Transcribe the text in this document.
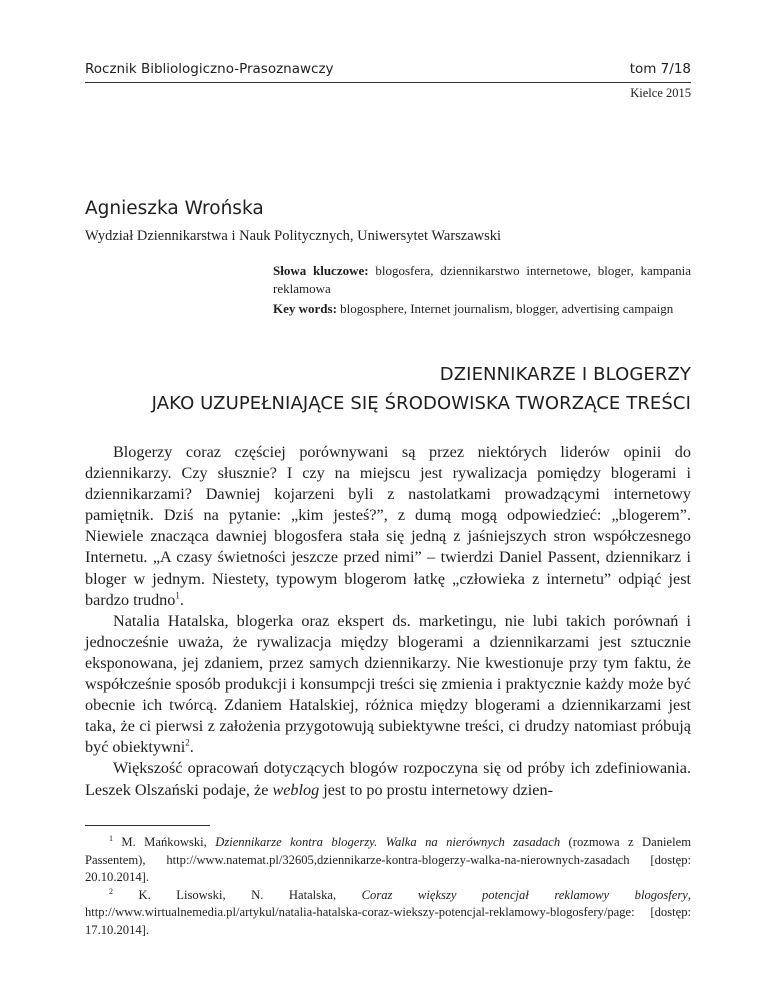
Rocznik Bibliologiczno-Prasoznawczy	tom 7/18
Kielce 2015
Agnieszka Wrońska
Wydział Dziennikarstwa i Nauk Politycznych, Uniwersytet Warszawski
Słowa kluczowe: blogosfera, dziennikarstwo internetowe, bloger, kampania reklamowa
Key words: blogosphere, Internet journalism, blogger, advertising campaign
DZIENNIKARZE I BLOGERZY
JAKO UZUPEŁNIAJĄCE SIĘ ŚRODOWISKA TWORZĄCE TREŚCI

Blogerzy coraz częściej porównywani są przez niektórych liderów opinii do dziennikarzy. Czy słusznie? I czy na miejscu jest rywalizacja pomiędzy blogerami i dziennikarzami? Dawniej kojarzeni byli z nastolatkami prowadzącymi internetowy pamiętnik. Dziś na pytanie: „kim jesteś?”, z dumą mogą odpowiedzieć: „blogerem”. Niewiele znacząca dawniej blogosfera stała się jedną z jaśniejszych stron współczesnego Internetu. „A czasy świetności jeszcze przed nimi” – twierdzi Daniel Passent, dziennikarz i bloger w jednym. Niestety, typowym blogerom łatkę „człowieka z internetu” odpiąć jest bardzo trudno$^1$.

Natalia Hatalska, blogerka oraz ekspert ds. marketingu, nie lubi takich porównań i jednocześnie uważa, że rywalizacja między blogerami a dziennikarzami jest sztucznie eksponowana, jej zdaniem, przez samych dziennikarzy. Nie kwestionuje przy tym faktu, że współcześnie sposób produkcji i konsumpcji treści się zmienia i praktycznie każdy może być obecnie ich twórcą. Zdaniem Hatalskiej, różnica między blogerami a dziennikarzami jest taka, że ci pierwsi z założenia przygotowują subiektywne treści, ci drudzy natomiast próbują być obiektywni$^2$.

Większość opracowań dotyczących blogów rozpoczyna się od próby ich zdefiniowania. Leszek Olszański podaje, że weblog jest to po prostu internetowy dzien-

$^1$ M. Mańkowski, Dziennikarze kontra blogerzy. Walka na nierównych zasadach (rozmowa z Danielem Passentem), http://www.natemat.pl/32605,dziennikarze-kontra-blogerzy-walka-na-nierownych-zasadach [dostęp: 20.10.2014].

$^2$ K. Lisowski, N. Hatalska, Coraz większy potencjał reklamowy blogosfery, http://www.wirtualnemedia.pl/artykul/natalia-hatalska-coraz-wiekszy-potencjal-reklamowy-blogosfery/page: [dostęp: 17.10.2014].
